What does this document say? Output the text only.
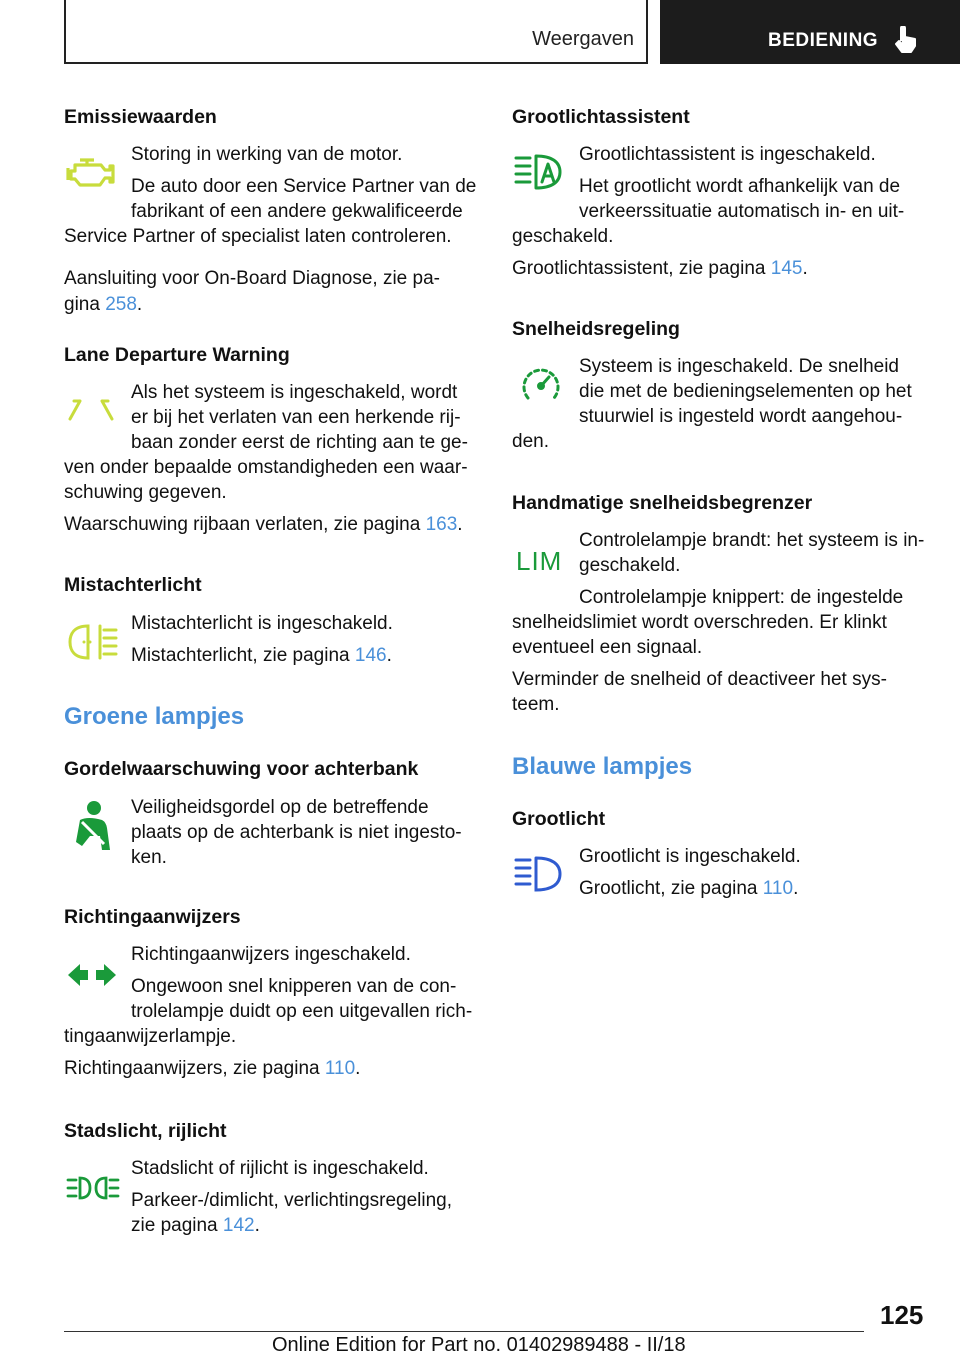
Weergaven	BEDIENING
Emissiewaarden
Storing in werking van de motor.
De auto door een Service Partner van de
fabrikant of een andere gekwalificeerde
Service Partner of specialist laten controleren.
Aansluiting voor On-Board Diagnose, zie pa-
gina 258.
Lane Departure Warning
Als het systeem is ingeschakeld, wordt
er bij het verlaten van een herkende rij-
baan zonder eerst de richting aan te ge-
ven onder bepaalde omstandigheden een waar-
schuwing gegeven.
Waarschuwing rijbaan verlaten, zie pagina 163.
Mistachterlicht
Mistachterlicht is ingeschakeld.
Mistachterlicht, zie pagina 146.
Groene lampjes
Gordelwaarschuwing voor achterbank
Veiligheidsgordel op de betreffende
plaats op de achterbank is niet ingesto-
ken.
Richtingaanwijzers
Richtingaanwijzers ingeschakeld.
Ongewoon snel knipperen van de con-
trolelampje duidt op een uitgevallen rich-
tingaanwijzerlampje.
Richtingaanwijzers, zie pagina 110.
Stadslicht, rijlicht
Stadslicht of rijlicht is ingeschakeld.
Parkeer-/dimlicht, verlichtingsregeling,
zie pagina 142.
Grootlichtassistent
Grootlichtassistent is ingeschakeld.
Het grootlicht wordt afhankelijk van de
verkeerssituatie automatisch in- en uit-
geschakeld.
Grootlichtassistent, zie pagina 145.
Snelheidsregeling
Systeem is ingeschakeld. De snelheid
die met de bedieningselementen op het
stuurwiel is ingesteld wordt aangehou-
den.
Handmatige snelheidsbegrenzer
LIM
Controlelampje brandt: het systeem is in-
geschakeld.
Controlelampje knippert: de ingestelde
snelheidslimiet wordt overschreden. Er klinkt
eventueel een signaal.
Verminder de snelheid of deactiveer het sys-
teem.
Blauwe lampjes
Grootlicht
Grootlicht is ingeschakeld.
Grootlicht, zie pagina 110.
125
Online Edition for Part no. 01402989488 - II/18
